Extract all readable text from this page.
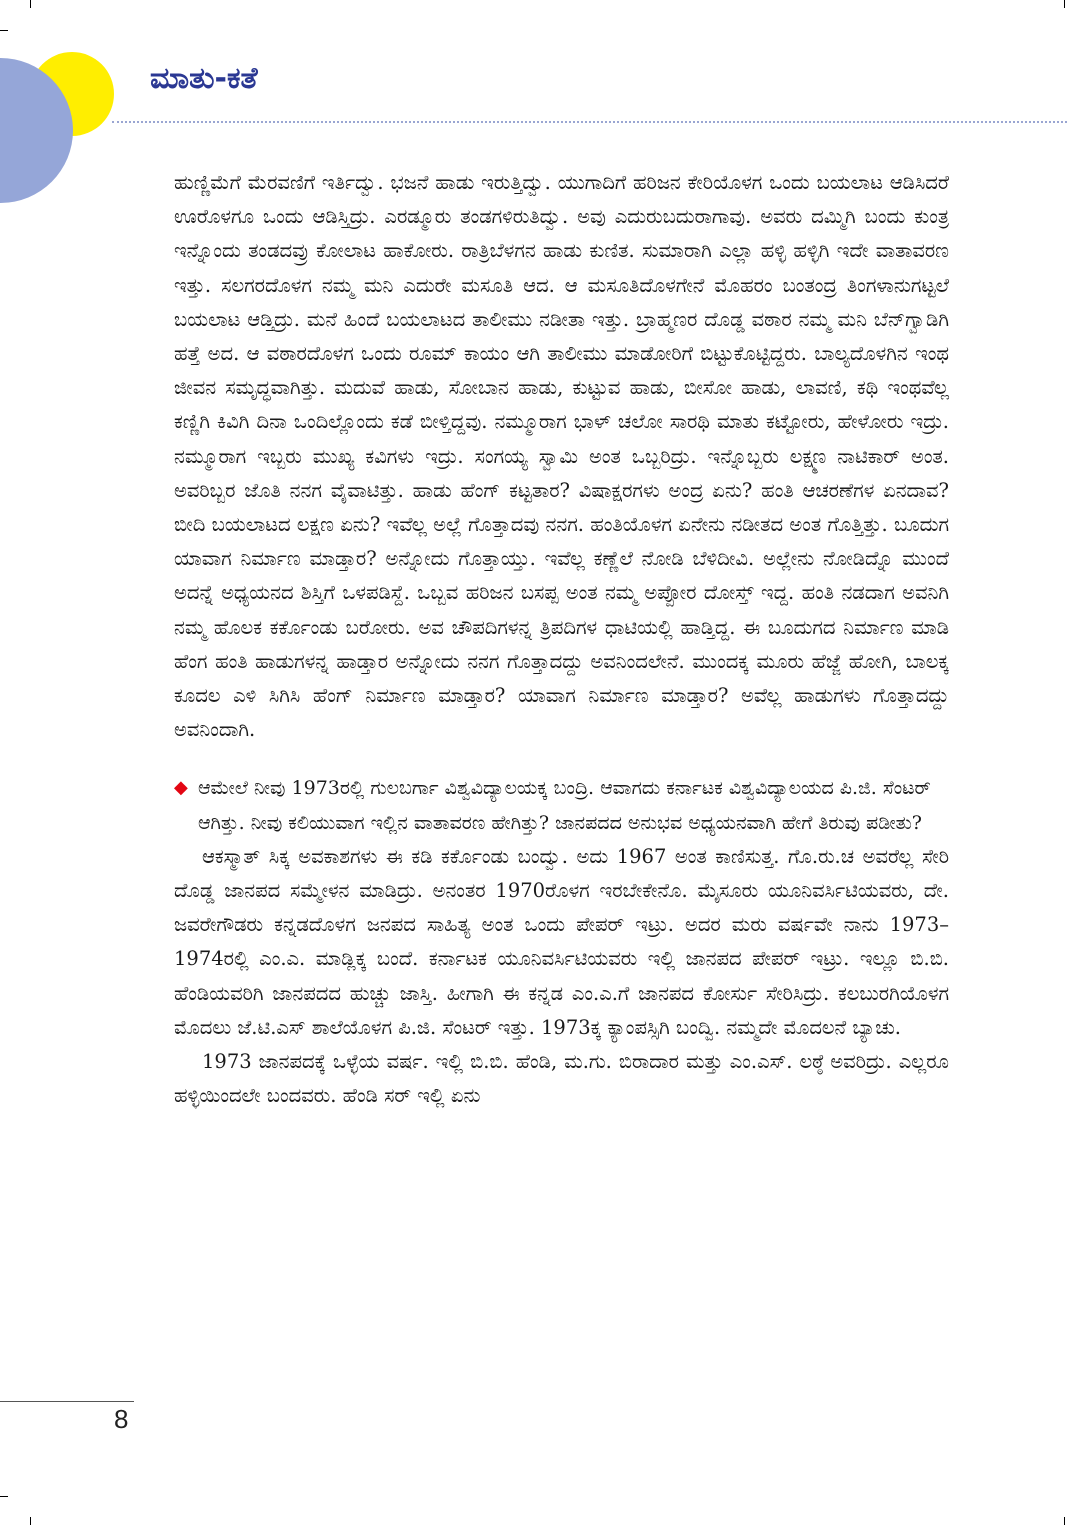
ಮಾತು-ಕತೆ

ಹುಣ್ಣಿಮೆಗೆ ಮೆರವಣಿಗೆ ಇರ್ತಿದ್ವು. ಭಜನೆ ಹಾಡು ಇರುತ್ತಿದ್ವು. ಯುಗಾದಿಗೆ ಹರಿಜನ ಕೇರಿಯೊಳಗ ಒಂದು ಬಯಲಾಟ ಆಡಿಸಿದರೆ ಊರೊಳಗೂ ಒಂದು ಆಡಿಸ್ತಿದ್ರು. ಎರಡ್ಮೂರು ತಂಡಗಳಿರುತಿದ್ವು. ಅವು ಎದುರುಬದುರಾಗಾವು. ಅವರು ದಮ್ಮಿಗಿ ಬಂದು ಕುಂತ್ರ ಇನ್ನೊಂದು ತಂಡದವ್ರು ಕೋಲಾಟ ಹಾಕೋರು. ರಾತ್ರಿಬೆಳಗನ ಹಾಡು ಕುಣಿತ. ಸುಮಾರಾಗಿ ಎಲ್ಲಾ ಹಳ್ಳಿ ಹಳ್ಳಿಗಿ ಇದೇ ವಾತಾವರಣ ಇತ್ತು. ಸಲಗರದೊಳಗ ನಮ್ಮ ಮನಿ ಎದುರೇ ಮಸೂತಿ ಆದ. ಆ ಮಸೂತಿದೊಳಗೇನೆ ಮೊಹರಂ ಬಂತಂದ್ರ ತಿಂಗಳಾನುಗಟ್ಟಲೆ ಬಯಲಾಟ ಆಡ್ತಿದ್ರು. ಮನೆ ಹಿಂದೆ ಬಯಲಾಟದ ತಾಲೀಮು ನಡೀತಾ ಇತ್ತು. ಬ್ರಾಹ್ಮಣರ ದೊಡ್ಡ ವಠಾರ ನಮ್ಮ ಮನಿ ಬೆನ್‌ಗ್ವಾಡಿಗಿ ಹತ್ತೆ ಅದ. ಆ ವಠಾರದೊಳಗ ಒಂದು ರೂಮ್ ಕಾಯಂ ಆಗಿ ತಾಲೀಮು ಮಾಡೋರಿಗೆ ಬಿಟ್ಟುಕೊಟ್ಟಿದ್ದರು. ಬಾಲ್ಯದೊಳಗಿನ ಇಂಥ ಜೀವನ ಸಮೃದ್ಧವಾಗಿತ್ತು. ಮದುವೆ ಹಾಡು, ಸೋಬಾನ ಹಾಡು, ಕುಟ್ಟುವ ಹಾಡು, ಬೀಸೋ ಹಾಡು, ಲಾವಣಿ, ಕಥಿ ಇಂಥವೆಲ್ಲ ಕಣ್ಣಿಗಿ ಕಿವಿಗಿ ದಿನಾ ಒಂದಿಲ್ಲೊಂದು ಕಡೆ ಬೀಳ್ತಿದ್ದವು. ನಮ್ಮೂರಾಗ ಭಾಳ್ ಚಲೋ ಸಾರಥಿ ಮಾತು ಕಟ್ಟೋರು, ಹೇಳೋರು ಇದ್ರು. ನಮ್ಮೂರಾಗ ಇಬ್ಬರು ಮುಖ್ಯ ಕವಿಗಳು ಇದ್ರು. ಸಂಗಯ್ಯ ಸ್ವಾಮಿ ಅಂತ ಒಬ್ಬರಿದ್ರು. ಇನ್ನೊಬ್ಬರು ಲಕ್ಷ್ಮಣ ನಾಟಿಕಾರ್ ಅಂತ. ಅವರಿಬ್ಬರ ಜೊತಿ ನನಗ ವೈವಾಟಿತ್ತು. ಹಾಡು ಹೆಂಗ್ ಕಟ್ಟತಾರ? ವಿಷಾಕ್ಷರಗಳು ಅಂದ್ರ ಏನು? ಹಂತಿ ಆಚರಣೆಗಳ ಏನದಾವ? ಬೀದಿ ಬಯಲಾಟದ ಲಕ್ಷಣ ಏನು? ಇವೆಲ್ಲ ಅಲ್ಲೆ ಗೊತ್ತಾದವು ನನಗ. ಹಂತಿಯೊಳಗ ಏನೇನು ನಡೀತದ ಅಂತ ಗೊತ್ತಿತ್ತು. ಬೂದುಗ ಯಾವಾಗ ನಿರ್ಮಾಣ ಮಾಡ್ತಾರ? ಅನ್ನೋದು ಗೊತ್ತಾಯ್ತು. ಇವೆಲ್ಲ ಕಣ್ಣೆಲೆ ನೋಡಿ ಬೆಳಿದೀವಿ. ಅಲ್ಲೇನು ನೋಡಿದ್ನೊ ಮುಂದೆ ಅದನ್ನೆ ಅಧ್ಯಯನದ ಶಿಸ್ತಿಗೆ ಒಳಪಡಿಸ್ದೆ. ಒಬ್ಬವ ಹರಿಜನ ಬಸಪ್ಪ ಅಂತ ನಮ್ಮ ಅಪ್ಪೋರ ದೋಸ್ತ್ ಇದ್ದ. ಹಂತಿ ನಡದಾಗ ಅವನಿಗಿ ನಮ್ಮ ಹೊಲಕ ಕರ್ಕೊಂಡು ಬರೋರು. ಅವ ಚೌಪದಿಗಳನ್ನ ತ್ರಿಪದಿಗಳ ಧಾಟಿಯಲ್ಲಿ ಹಾಡ್ತಿದ್ದ. ಈ ಬೂದುಗದ ನಿರ್ಮಾಣ ಮಾಡಿ ಹೆಂಗ ಹಂತಿ ಹಾಡುಗಳನ್ನ ಹಾಡ್ತಾರ ಅನ್ನೋದು ನನಗ ಗೊತ್ತಾದದ್ದು ಅವನಿಂದಲೇನೆ. ಮುಂದಕ್ಕ ಮೂರು ಹೆಜ್ಜೆ ಹೋಗಿ, ಬಾಲಕ್ಕ ಕೂದಲ ಎಳಿ ಸಿಗಿಸಿ ಹೆಂಗ್ ನಿರ್ಮಾಣ ಮಾಡ್ತಾರ? ಯಾವಾಗ ನಿರ್ಮಾಣ ಮಾಡ್ತಾರ? ಅವೆಲ್ಲ ಹಾಡುಗಳು ಗೊತ್ತಾದದ್ದು ಅವನಿಂದಾಗಿ.

◆ ಆಮೇಲೆ ನೀವು 1973ರಲ್ಲಿ ಗುಲಬರ್ಗಾ ವಿಶ್ವವಿದ್ಯಾಲಯಕ್ಕ ಬಂದ್ರಿ. ಆವಾಗದು ಕರ್ನಾಟಕ ವಿಶ್ವವಿದ್ಯಾಲಯದ ಪಿ.ಜಿ. ಸೆಂಟರ್ ಆಗಿತ್ತು. ನೀವು ಕಲಿಯುವಾಗ ಇಲ್ಲಿನ ವಾತಾವರಣ ಹೇಗಿತ್ತು? ಜಾನಪದದ ಅನುಭವ ಅಧ್ಯಯನವಾಗಿ ಹೇಗೆ ತಿರುವು ಪಡೀತು?

ಆಕಸ್ಮಾತ್ ಸಿಕ್ಕ ಅವಕಾಶಗಳು ಈ ಕಡಿ ಕರ್ಕೊಂಡು ಬಂದ್ವು. ಅದು 1967 ಅಂತ ಕಾಣಿಸುತ್ತ. ಗೊ.ರು.ಚ ಅವರೆಲ್ಲ ಸೇರಿ ದೊಡ್ಡ ಜಾನಪದ ಸಮ್ಮೇಳನ ಮಾಡಿದ್ರು. ಅನಂತರ 1970ರೊಳಗ ಇರಬೇಕೇನೊ. ಮೈಸೂರು ಯೂನಿವರ್ಸಿಟಿಯವರು, ದೇ. ಜವರೇಗೌಡರು ಕನ್ನಡದೊಳಗ ಜನಪದ ಸಾಹಿತ್ಯ ಅಂತ ಒಂದು ಪೇಪರ್ ಇಟ್ರು. ಅದರ ಮರು ವರ್ಷವೇ ನಾನು 1973–1974ರಲ್ಲಿ ಎಂ.ಎ. ಮಾಡ್ಲಿಕ್ಕ ಬಂದೆ. ಕರ್ನಾಟಕ ಯೂನಿವರ್ಸಿಟಿಯವರು ಇಲ್ಲಿ ಜಾನಪದ ಪೇಪರ್ ಇಟ್ರು. ಇಲ್ಲೂ ಬಿ.ಬಿ. ಹೆಂಡಿಯವರಿಗಿ ಜಾನಪದದ ಹುಚ್ಚು ಜಾಸ್ತಿ. ಹೀಗಾಗಿ ಈ ಕನ್ನಡ ಎಂ.ಎ.ಗೆ ಜಾನಪದ ಕೋರ್ಸು ಸೇರಿಸಿದ್ರು. ಕಲಬುರಗಿಯೊಳಗ ಮೊದಲು ಜೆ.ಟಿ.ಎಸ್ ಶಾಲೆಯೊಳಗ ಪಿ.ಜಿ. ಸೆಂಟರ್ ಇತ್ತು. 1973ಕ್ಕ ಕ್ಯಾಂಪಸ್ಸಿಗಿ ಬಂದ್ವಿ. ನಮ್ಮದೇ ಮೊದಲನೆ ಬ್ಯಾಚು.

1973 ಜಾನಪದಕ್ಕೆ ಒಳ್ಳೆಯ ವರ್ಷ. ಇಲ್ಲಿ ಬಿ.ಬಿ. ಹೆಂಡಿ, ಮ.ಗು. ಬಿರಾದಾರ ಮತ್ತು ಎಂ.ಎಸ್. ಲಠ್ಠೆ ಅವರಿದ್ರು. ಎಲ್ಲರೂ ಹಳ್ಳಿಯಿಂದಲೇ ಬಂದವರು. ಹೆಂಡಿ ಸರ್ ಇಲ್ಲಿ ಏನು

8
